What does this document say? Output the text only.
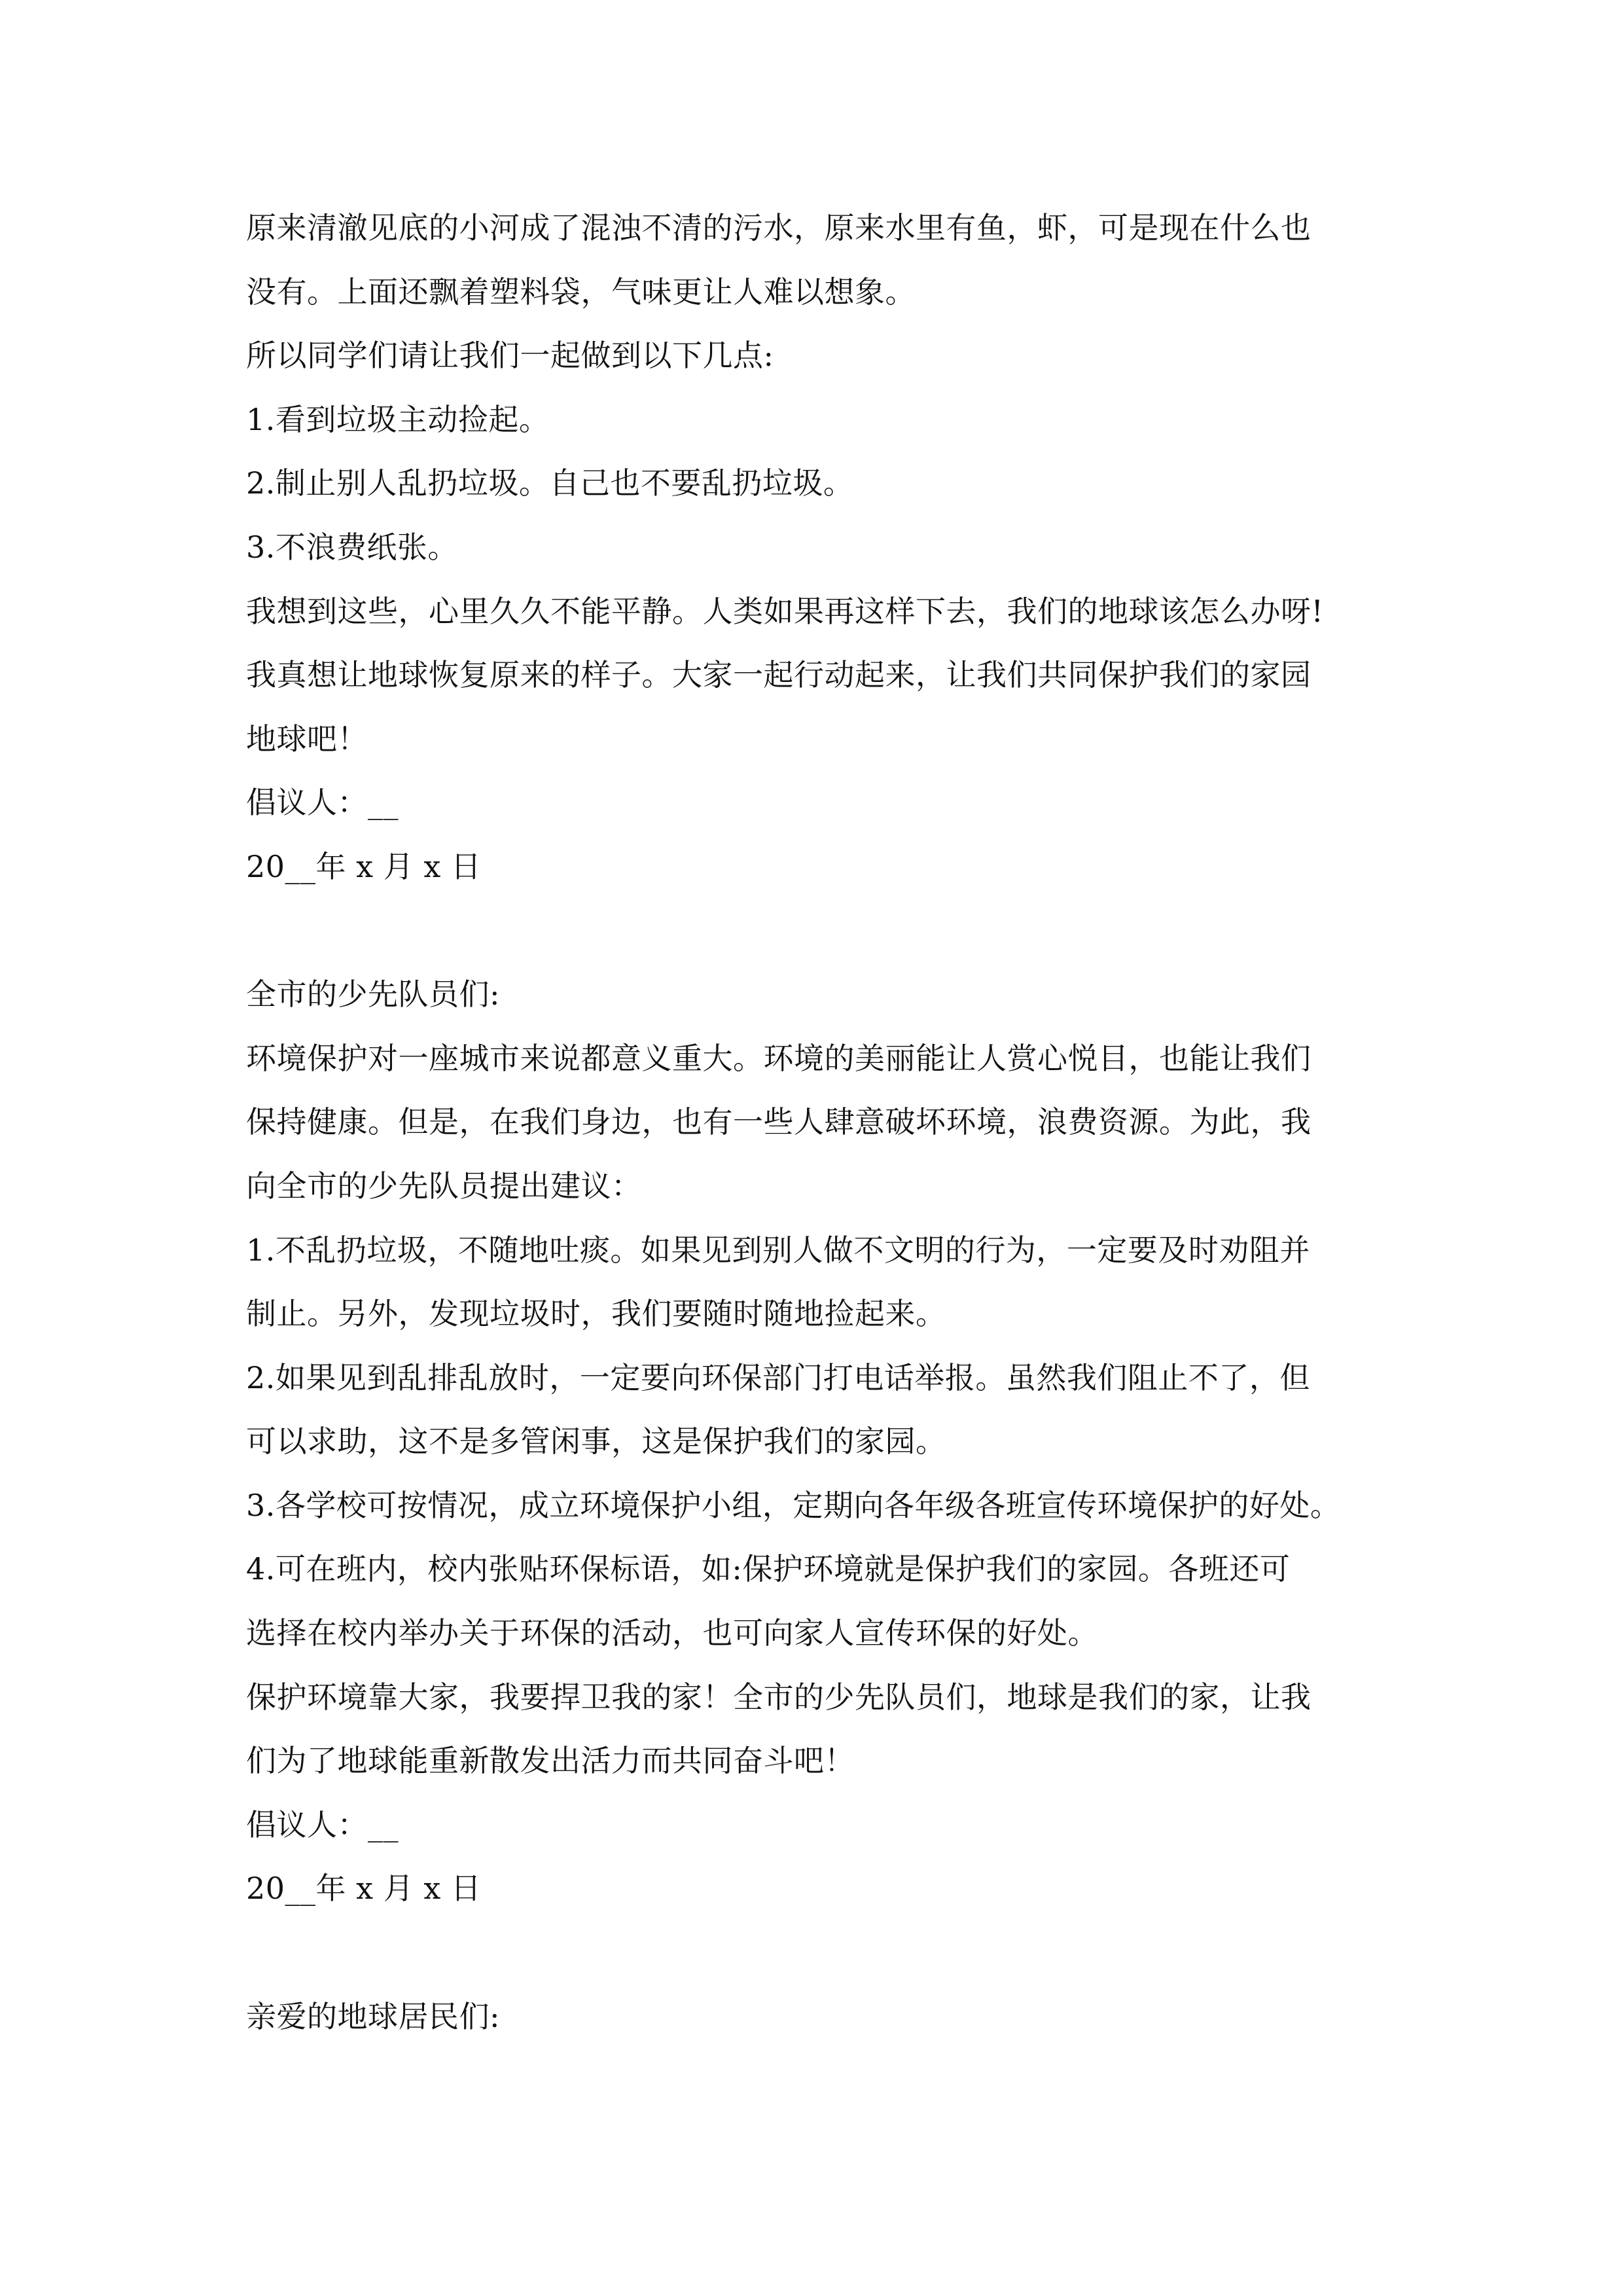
原来清澈见底的小河成了混浊不清的污水，原来水里有鱼，虾，可是现在什么也
没有。上面还飘着塑料袋，气味更让人难以想象。
所以同学们请让我们一起做到以下几点:
1.看到垃圾主动捡起。
2.制止别人乱扔垃圾。自己也不要乱扔垃圾。
3.不浪费纸张。
我想到这些，心里久久不能平静。人类如果再这样下去，我们的地球该怎么办呀!
我真想让地球恢复原来的样子。大家一起行动起来，让我们共同保护我们的家园
地球吧！
倡议人：__
20__年 x 月 x 日
全市的少先队员们:
环境保护对一座城市来说都意义重大。环境的美丽能让人赏心悦目，也能让我们
保持健康。但是，在我们身边，也有一些人肆意破坏环境，浪费资源。为此，我
向全市的少先队员提出建议：
1.不乱扔垃圾，不随地吐痰。如果见到别人做不文明的行为，一定要及时劝阻并
制止。另外，发现垃圾时，我们要随时随地捡起来。
2.如果见到乱排乱放时，一定要向环保部门打电话举报。虽然我们阻止不了，但
可以求助，这不是多管闲事，这是保护我们的家园。
3.各学校可按情况，成立环境保护小组，定期向各年级各班宣传环境保护的好处。
4.可在班内，校内张贴环保标语，如:保护环境就是保护我们的家园。各班还可
选择在校内举办关于环保的活动，也可向家人宣传环保的好处。
保护环境靠大家，我要捍卫我的家！全市的少先队员们，地球是我们的家，让我
们为了地球能重新散发出活力而共同奋斗吧！
倡议人：__
20__年 x 月 x 日
亲爱的地球居民们:
